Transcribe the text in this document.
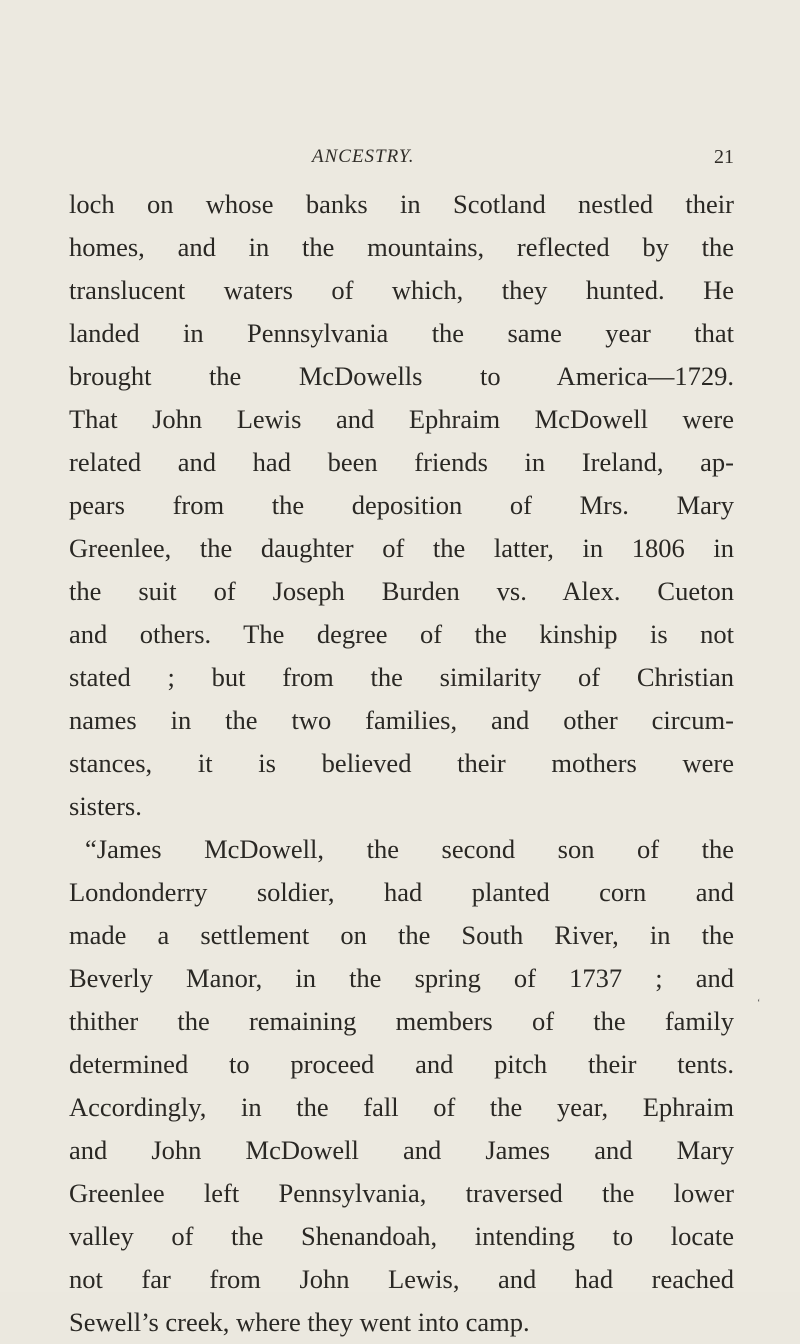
ANCESTRY.	21
loch on whose banks in Scotland nestled their
homes, and in the mountains, reflected by the
translucent waters of which, they hunted. He
landed in Pennsylvania the same year that
brought the McDowells to America—1729.
That John Lewis and Ephraim McDowell were
related and had been friends in Ireland, ap-
pears from the deposition of Mrs. Mary
Greenlee, the daughter of the latter, in 1806 in
the suit of Joseph Burden vs. Alex. Cueton
and others. The degree of the kinship is not
stated ; but from the similarity of Christian
names in the two families, and other circum-
stances, it is believed their mothers were
sisters.
“James McDowell, the second son of the
Londonderry soldier, had planted corn and
made a settlement on the South River, in the
Beverly Manor, in the spring of 1737 ; and
thither the remaining members of the family
determined to proceed and pitch their tents.
Accordingly, in the fall of the year, Ephraim
and John McDowell and James and Mary
Greenlee left Pennsylvania, traversed the lower
valley of the Shenandoah, intending to locate
not far from John Lewis, and had reached
Sewell’s creek, where they went into camp.
‘
